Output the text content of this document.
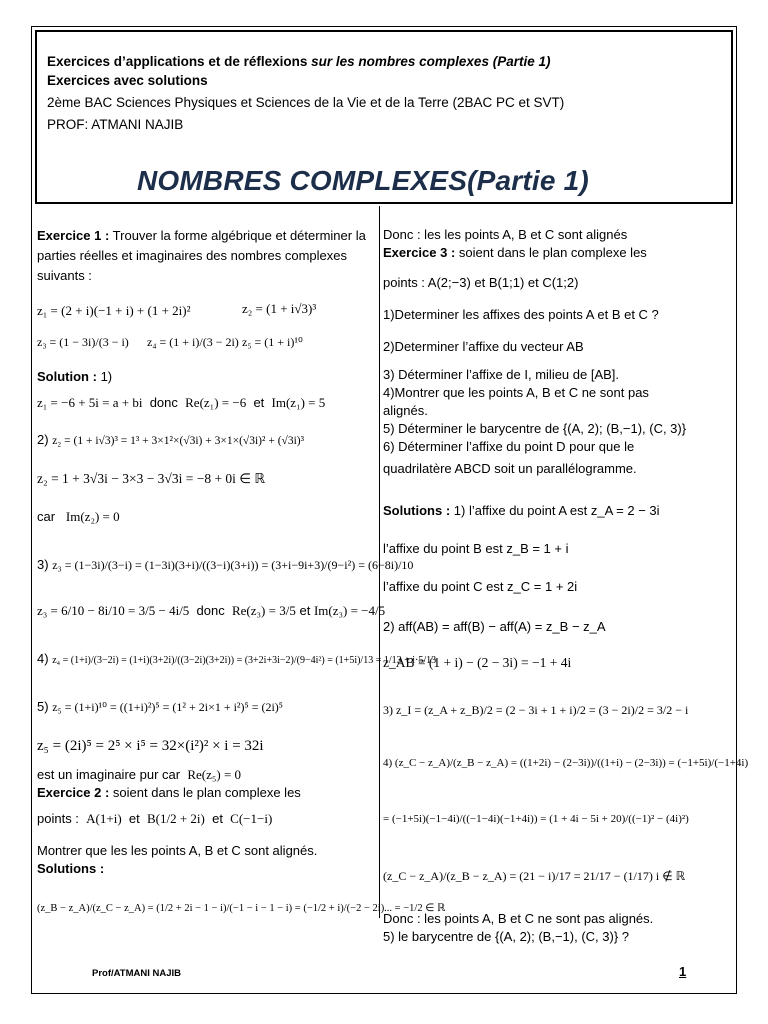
Exercices d’applications et de réflexions sur les nombres complexes (Partie 1)
Exercices avec solutions
2ème BAC Sciences Physiques et Sciences de la Vie et de la Terre (2BAC PC et SVT)
PROF: ATMANI NAJIB
NOMBRES COMPLEXES(Partie 1)
Exercice 1 : Trouver la forme algébrique et déterminer la parties réelles et imaginaires des nombres complexes suivants :
z₁ = (2 + i)(−1 + i) + (1 + 2i)²	z₂ = (1 + i√3)³
z₃ = (1 − 3i)/(3 − i) z₄ = (1 + i)/(3 − 2i) z₅ = (1 + i)¹⁰
Solution : 1)
z₁ = −6 + 5i = a + bi donc Re(z₁) = −6 et Im(z₁) = 5
2) z₂ = (1 + i√3)³ = 1³ + 3×1²×(√3i) + 3×1×(√3i)² + (√3i)³
z₂ = 1 + 3√3i − 3×3 − 3√3i = −8 + 0i ∈ ℝ
car Im(z₂) = 0
3) z₃ = (1−3i)/(3−i) = (1−3i)(3+i)/((3−i)(3+i)) = (3+i−9i+3)/(9−i²) = (6−8i)/10
z₃ = 6/10 − 8i/10 = 3/5 − 4i/5 donc Re(z₃) = 3/5 et Im(z₃) = −4/5
4) z₄ = (1+i)/(3−2i) = (1+i)(3+2i)/((3−2i)(3+2i)) = (3+2i+3i−2)/(9−4i²) = (1+5i)/13 = 1/13 + i·5/13
5) z₅ = (1+i)¹⁰ = ((1+i)²)⁵ = (1² + 2i×1 + i²)⁵ = (2i)⁵
z₅ = (2i)⁵ = 2⁵ × i⁵ = 32×(i²)² × i = 32i
est un imaginaire pur car Re(z₅) = 0
Exercice 2 : soient dans le plan complexe les
points : A(1+i) et B(1/2 + 2i) et C(−1−i)
Montrer que les les points A, B et C sont alignés.
Solutions :
(z_B − z_A)/(z_C − z_A) = (1/2 + 2i − 1 − i)/(−1 − i − 1 − i) = (−1/2 + i)/(−2 − 2i)... = −1/2 ∈ ℝ
Donc : les les points A, B et C sont alignés
Exercice 3 : soient dans le plan complexe les
points : A(2;−3) et B(1;1) et C(1;2)
1)Determiner les affixes des points A et B et C ?
2)Determiner l’affixe du vecteur AB
3) Déterminer l’affixe de I, milieu de [AB].
4)Montrer que les points A, B et C ne sont pas
alignés.
5) Déterminer le barycentre de {(A, 2); (B,−1), (C, 3)}
6) Déterminer l’affixe du point D pour que le
quadrilatère ABCD soit un parallélogramme.
Solutions : 1) l’affixe du point A est z_A = 2 − 3i
l’affixe du point B est z_B = 1 + i
l’affixe du point C est z_C = 1 + 2i
2) aff(AB) = aff(B) − aff(A) = z_B − z_A
z_AB = (1 + i) − (2 − 3i) = −1 + 4i
3) z_I = (z_A + z_B)/2 = (2 − 3i + 1 + i)/2 = (3 − 2i)/2 = 3/2 − i
4) (z_C − z_A)/(z_B − z_A) = ((1+2i) − (2−3i))/((1+i) − (2−3i)) = (−1+5i)/(−1+4i)
= (−1+5i)(−1−4i)/((−1−4i)(−1+4i)) = (1 + 4i − 5i + 20)/((−1)² − (4i)²)
(z_C − z_A)/(z_B − z_A) = (21 − i)/17 = 21/17 − (1/17) i ∉ ℝ
Donc : les points A, B et C ne sont pas alignés.
5) le barycentre de {(A, 2); (B,−1), (C, 3)} ?
Prof/ATMANI NAJIB	1
